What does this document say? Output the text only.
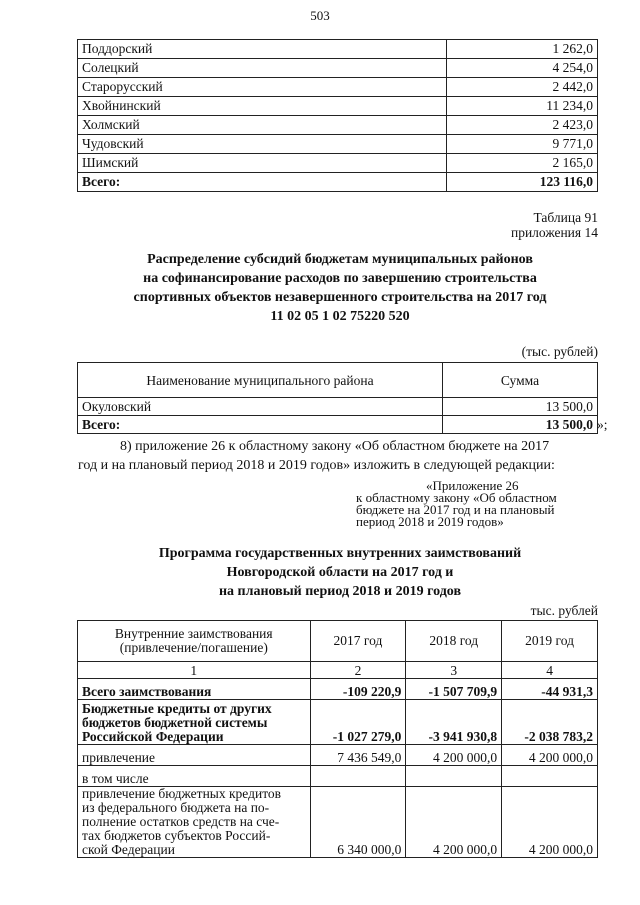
503
Поддорский	1 262,0
Солецкий	4 254,0
Старорусский	2 442,0
Хвойнинский	11 234,0
Холмский	2 423,0
Чудовский	9 771,0
Шимский	2 165,0
Всего:	123 116,0
Таблица 91
приложения 14
Распределение субсидий бюджетам муниципальных районов
на софинансирование расходов по завершению строительства
спортивных объектов незавершенного строительства на 2017 год
11 02 05 1 02 75220 520
(тыс. рублей)
Наименование муниципального района	Сумма
Окуловский	13 500,0
Всего:	13 500,0 »;
8) приложение 26 к областному закону «Об областном бюджете на 2017
год и на плановый период 2018 и 2019 годов» изложить в следующей редакции:
«Приложение 26
к областному закону «Об областном
бюджете на 2017 год и на плановый
период 2018 и 2019 годов»
Программа государственных внутренних заимствований
Новгородской области на 2017 год и
на плановый период 2018 и 2019 годов
тыс. рублей
Внутренние заимствования
(привлечение/погашение)	2017 год	2018 год	2019 год
1	2	3	4
Всего заимствования	-109 220,9	-1 507 709,9	-44 931,3

Бюджетные кредиты от других
бюджетов бюджетной системы
Российской Федерации	-1 027 279,0	-3 941 930,8	-2 038 783,2
привлечение	7 436 549,0	4 200 000,0	4 200 000,0
в том числе			

привлечение бюджетных кредитов
из федерального бюджета на по-
полнение остатков средств на сче-
тах бюджетов субъектов Россий-
ской Федерации	6 340 000,0	4 200 000,0	4 200 000,0
